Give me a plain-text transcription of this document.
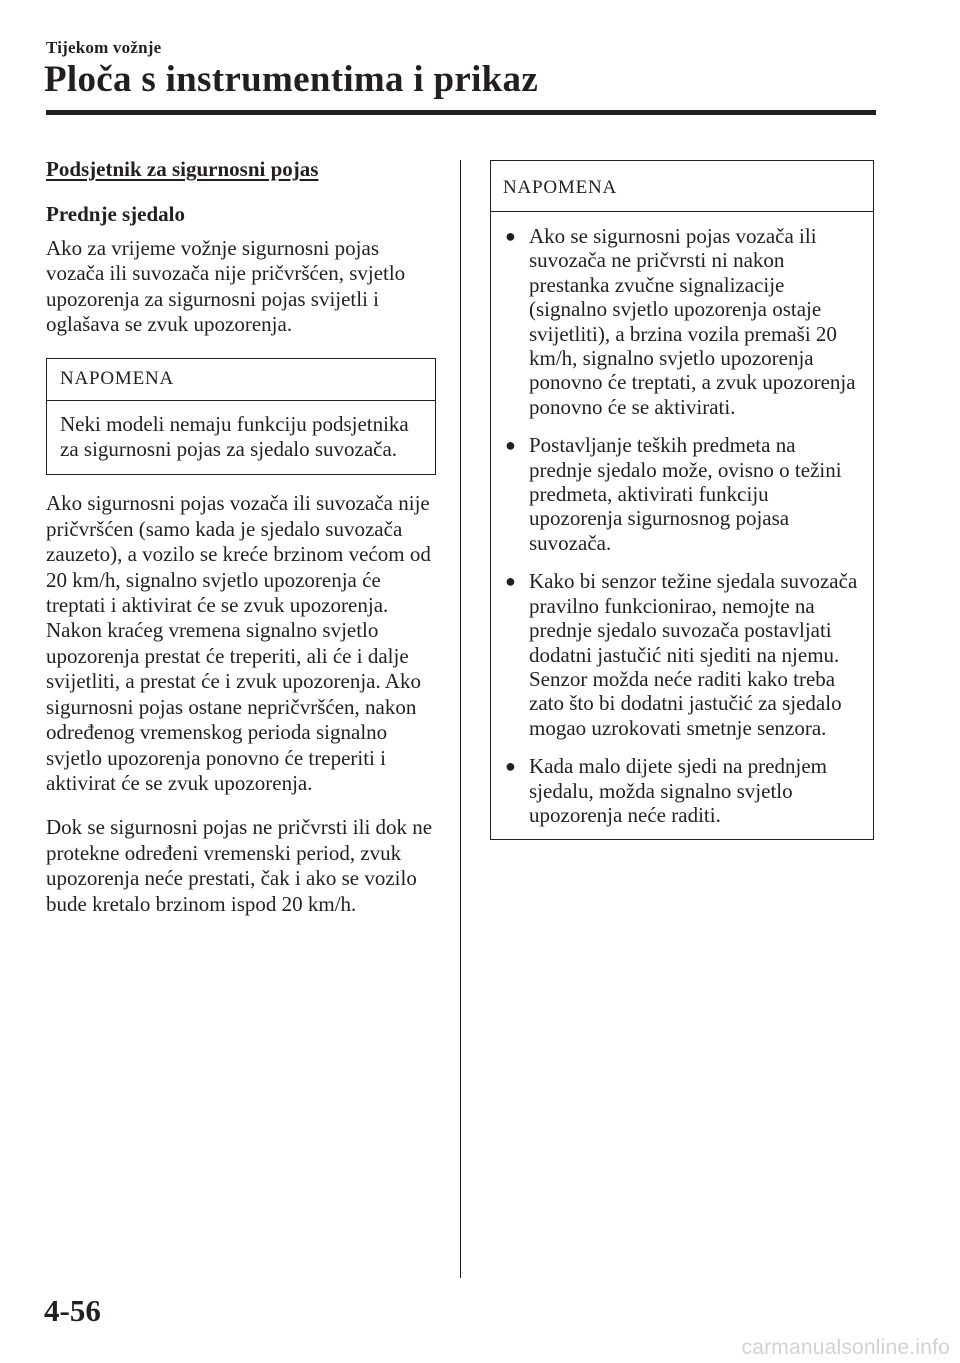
Tijekom vožnje
Ploča s instrumentima i prikaz

Podsjetnik za sigurnosni pojas

Prednje sjedalo

Ako za vrijeme vožnje sigurnosni pojas vozača ili suvozača nije pričvršćen, svjetlo upozorenja za sigurnosni pojas svijetli i oglašava se zvuk upozorenja.

NAPOMENA
Neki modeli nemaju funkciju podsjetnika za sigurnosni pojas za sjedalo suvozača.

Ako sigurnosni pojas vozača ili suvozača nije pričvršćen (samo kada je sjedalo suvozača zauzeto), a vozilo se kreće brzinom većom od 20 km/h, signalno svjetlo upozorenja će treptati i aktivirat će se zvuk upozorenja. Nakon kraćeg vremena signalno svjetlo upozorenja prestat će treperiti, ali će i dalje svijetliti, a prestat će i zvuk upozorenja. Ako sigurnosni pojas ostane nepričvršćen, nakon određenog vremenskog perioda signalno svjetlo upozorenja ponovno će treperiti i aktivirat će se zvuk upozorenja.

Dok se sigurnosni pojas ne pričvrsti ili dok ne protekne određeni vremenski period, zvuk upozorenja neće prestati, čak i ako se vozilo bude kretalo brzinom ispod 20 km/h.

NAPOMENA
● Ako se sigurnosni pojas vozača ili suvozača ne pričvrsti ni nakon prestanka zvučne signalizacije (signalno svjetlo upozorenja ostaje svijetliti), a brzina vozila premaši 20 km/h, signalno svjetlo upozorenja ponovno će treptati, a zvuk upozorenja ponovno će se aktivirati.
● Postavljanje teških predmeta na prednje sjedalo može, ovisno o težini predmeta, aktivirati funkciju upozorenja sigurnosnog pojasa suvozača.
● Kako bi senzor težine sjedala suvozača pravilno funkcionirao, nemojte na prednje sjedalo suvozača postavljati dodatni jastučić niti sjediti na njemu. Senzor možda neće raditi kako treba zato što bi dodatni jastučić za sjedalo mogao uzrokovati smetnje senzora.
● Kada malo dijete sjedi na prednjem sjedalu, možda signalno svjetlo upozorenja neće raditi.
4-56
carmanualsonline.info
